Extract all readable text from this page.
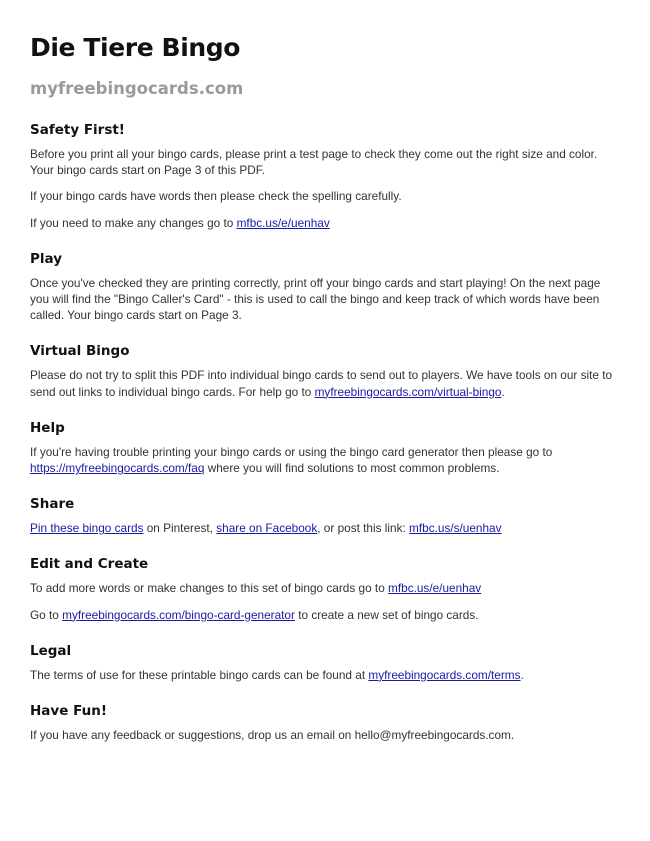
Die Tiere Bingo
myfreebingocards.com
Safety First!

Before you print all your bingo cards, please print a test page to check they come out the right size and color. Your bingo cards start on Page 3 of this PDF.

If your bingo cards have words then please check the spelling carefully.

If you need to make any changes go to mfbc.us/e/uenhav

Play

Once you've checked they are printing correctly, print off your bingo cards and start playing! On the next page you will find the "Bingo Caller's Card" - this is used to call the bingo and keep track of which words have been called. Your bingo cards start on Page 3.

Virtual Bingo

Please do not try to split this PDF into individual bingo cards to send out to players. We have tools on our site to send out links to individual bingo cards. For help go to myfreebingocards.com/virtual-bingo.

Help

If you're having trouble printing your bingo cards or using the bingo card generator then please go to https://myfreebingocards.com/faq where you will find solutions to most common problems.

Share

Pin these bingo cards on Pinterest, share on Facebook, or post this link: mfbc.us/s/uenhav

Edit and Create

To add more words or make changes to this set of bingo cards go to mfbc.us/e/uenhav

Go to myfreebingocards.com/bingo-card-generator to create a new set of bingo cards.

Legal

The terms of use for these printable bingo cards can be found at myfreebingocards.com/terms.

Have Fun!

If you have any feedback or suggestions, drop us an email on hello@myfreebingocards.com.
